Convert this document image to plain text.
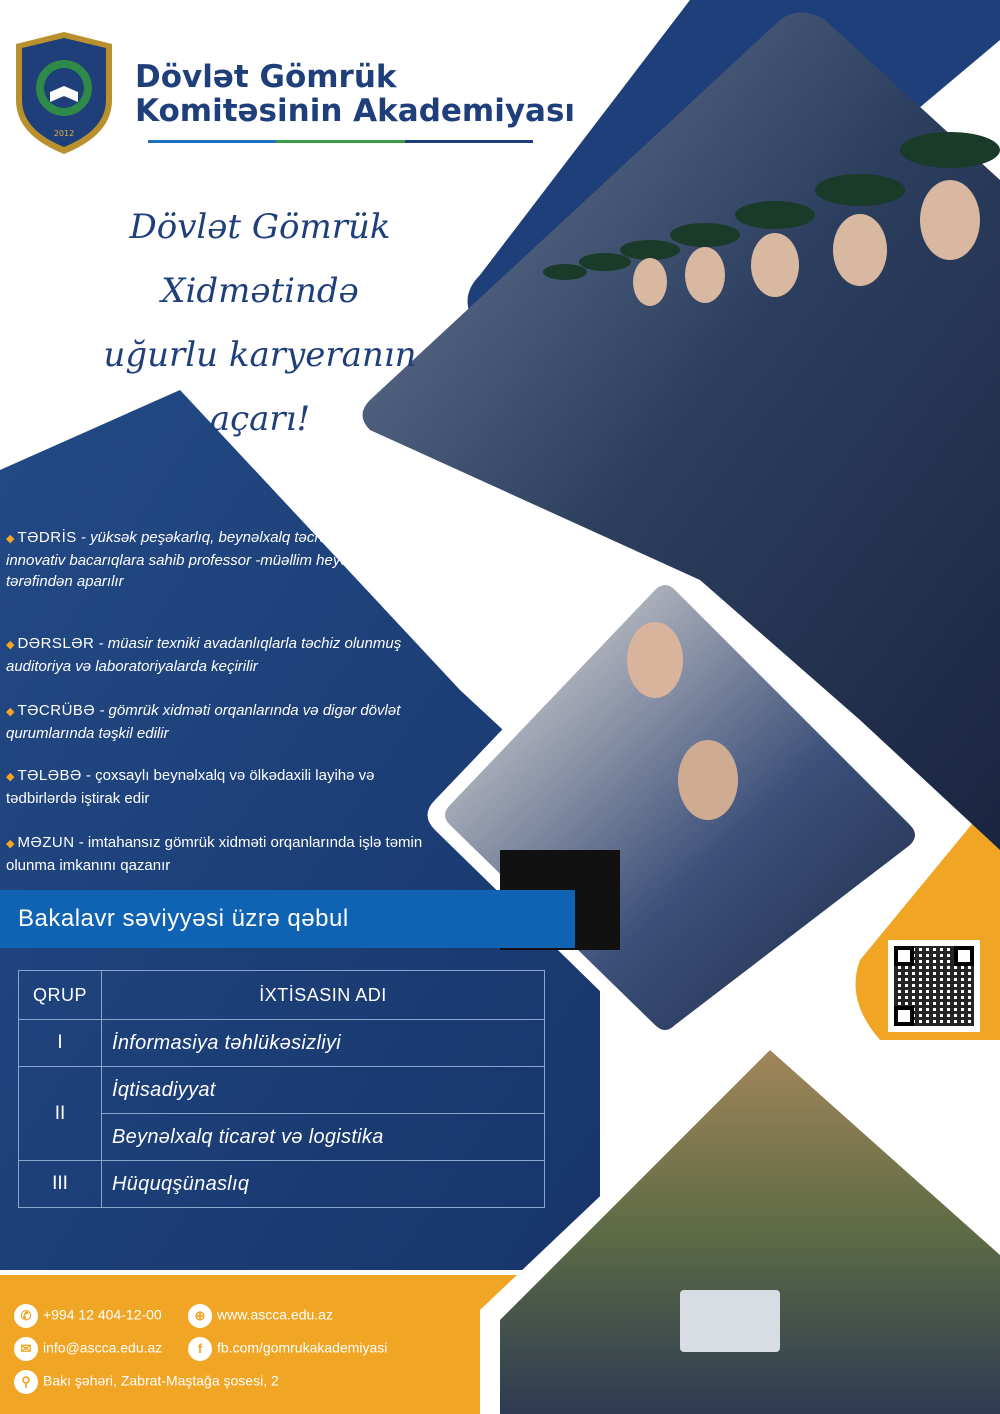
2012
Dövlət Gömrük
Komitəsinin Akademiyası
Dövlət Gömrük Xidmətində
uğurlu karyeranın
açarı!
◆ TƏDRİS - yüksək peşəkarlıq, beynəlxalq təcrübə və müasir innovativ bacarıqlara sahib professor -müəllim heyəti tərəfindən aparılır
◆ DƏRSLƏR - müasir texniki avadanlıqlarla təchiz olunmuş auditoriya və laboratoriyalarda keçirilir
◆ TƏCRÜBƏ - gömrük xidməti orqanlarında və digər dövlət qurumlarında təşkil edilir
◆ TƏLƏBƏ - çoxsaylı beynəlxalq və ölkədaxili layihə və tədbirlərdə iştirak edir
◆ MƏZUN - imtahansız gömrük xidməti orqanlarında işlə təmin olunma imkanını qazanır
Bakalavr səviyyəsi üzrə qəbul
QRUP	İXTİSASIN ADI
I	İnformasiya təhlükəsizliyi
II	İqtisadiyyat
	Beynəlxalq ticarət və logistika
III	Hüquqşünaslıq
✆ +994 12 404-12-00	⊕ www.ascca.edu.az
✉ info@ascca.edu.az	f fb.com/gomrukakademiyasi
⚲ Bakı şəhəri, Zabrat-Maştağa şosesi, 2
